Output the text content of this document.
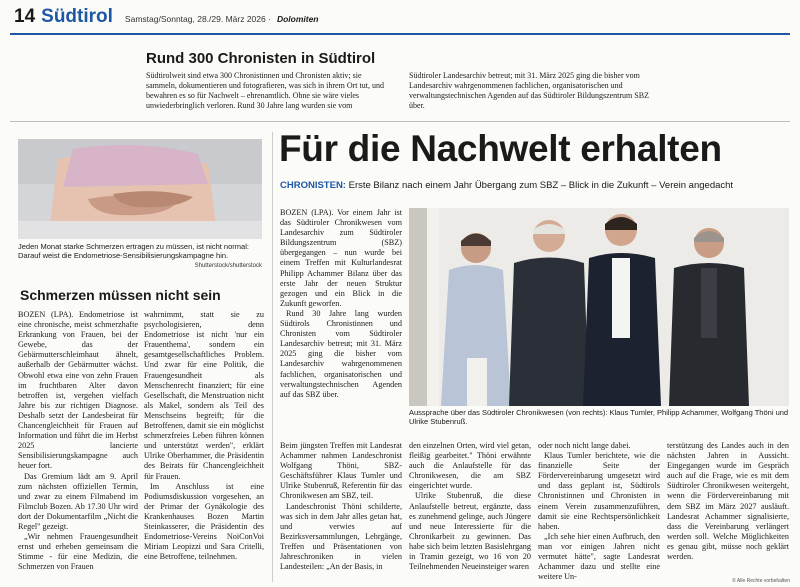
14 Südtirol Samstag/Sonntag, 28./29. März 2026 · Dolomiten
Rund 300 Chronisten in Südtirol
Südtirolweit sind etwa 300 Chronistinnen und Chronisten aktiv; sie sammeln, dokumentieren und fotografieren, was sich in ihrem Ort tut, und bewahren es so für Nachwelt – ehrenamtlich. Ohne sie wäre vieles unwiederbringlich verloren. Rund 30 Jahre lang wurden sie vom
Südtiroler Landesarchiv betreut; mit 31. März 2025 ging die bisher vom Landesarchiv wahrgenommenen fachlichen, organisatorischen und verwaltungstechnischen Agenden auf das Südtiroler Bildungszentrum SBZ über.
Jeden Monat starke Schmerzen ertragen zu müssen, ist nicht normal: Darauf weist die Endometriose-Sensibilisierungskampagne hin.
Shutterstock/shutterstock
Schmerzen müssen nicht sein

BOZEN (LPA). Endometriose ist eine chronische, meist schmerzhafte Erkrankung von Frauen, bei der Gewebe, das der Gebärmutterschleimhaut ähnelt, außerhalb der Gebärmutter wächst. Obwohl etwa eine von zehn Frauen im fruchtbaren Alter davon betroffen ist, vergehen vielfach Jahre bis zur richtigen Diagnose. Deshalb setzt der Landesbeirat für Chancengleichheit für Frauen auf Information und führt die im Herbst 2025 lancierte Sensibilisierungskampagne auch heuer fort.

Das Gremium lädt am 9. April zum nächsten offiziellen Termin, und zwar zu einem Filmabend im Filmclub Bozen. Ab 17.30 Uhr wird dort der Dokumentarfilm „Nicht die Regel" gezeigt.

„Wir nehmen Frauengesundheit ernst und erheben gemeinsam die Stimme - für eine Medizin, die Schmerzen von Frauen

wahrnimmt, statt sie zu psychologisieren, denn Endometriose ist nicht 'nur ein Frauenthema', sondern ein gesamtgesellschaftliches Problem. Und zwar für eine Politik, die Frauengesundheit als Menschenrecht finanziert; für eine Gesellschaft, die Menstruation nicht als Makel, sondern als Teil des Menschseins begreift; für die Betroffenen, damit sie ein möglichst schmerzfreies Leben führen können und unterstützt werden", erklärt Ulrike Oberhammer, die Präsidentin des Beirats für Chancengleichheit für Frauen.

Im Anschluss ist eine Podiumsdiskussion vorgesehen, an der Primar der Gynäkologie des Krankenhauses Bozen Martin Steinkasserer, die Präsidentin des Endometriose-Vereins NoiConVoi Miriam Leopizzi und Sara Critelli, eine Betroffene, teilnehmen.

Für die Nachwelt erhalten
CHRONISTEN: Erste Bilanz nach einem Jahr Übergang zum SBZ – Blick in die Zukunft – Verein angedacht

BOZEN (LPA). Vor einem Jahr ist das Südtiroler Chronikwesen vom Landesarchiv zum Südtiroler Bildungszentrum (SBZ) übergegangen – nun wurde bei einem Treffen mit Kulturlandesrat Philipp Achammer Bilanz über das erste Jahr der neuen Struktur gezogen und ein Blick in die Zukunft geworfen.

Rund 30 Jahre lang wurden Südtirols Chronistinnen und Chronisten vom Südtiroler Landesarchiv betreut; mit 31. März 2025 ging die bisher vom Landesarchiv wahrgenommenen fachlichen, organisatorischen und verwaltungstechnischen Agenden auf das SBZ über.

Aussprache über das Südtiroler Chronikwesen (von rechts): Klaus Tumler, Philipp Achammer, Wolfgang Thöni und Ulrike Stubenruß.

Beim jüngsten Treffen mit Landesrat Achammer nahmen Landeschronist Wolfgang Thöni, SBZ-Geschäftsführer Klaus Tumler und Ulrike Stubenruß, Referentin für das Chronikwesen am SBZ, teil.

Landeschronist Thöni schilderte, was sich in dem Jahr alles getan hat, und verwies auf Bezirksversammlungen, Lehrgänge, Treffen und Präsentationen von Jahreschroniken in vielen Landesteilen: „An der Basis, in

den einzelnen Orten, wird viel getan, fleißig gearbeitet." Thöni erwähnte auch die Anlaufstelle für das Chronikwesen, die am SBZ eingerichtet wurde.

Ulrike Stubenruß, die diese Anlaufstelle betreut, ergänzte, dass es zunehmend gelinge, auch Jüngere und neue Interessierte für die Chronikarbeit zu gewinnen. Das habe sich beim letzten Basislehrgang in Tramin gezeigt, wo 16 von 20 Teilnehmenden Neueinsteiger waren

oder noch nicht lange dabei.

Klaus Tumler berichtete, wie die finanzielle Seite der Fördervereinbarung umgesetzt wird und dass geplant ist, Südtirols Chronistinnen und Chronisten in einem Verein zusammenzuführen, damit sie eine Rechtspersönlichkeit haben.

„Ich sehe hier einen Aufbruch, den man vor einigen Jahren nicht vermutet hätte", sagte Landesrat Achammer dazu und stellte eine weitere Un-

terstützung des Landes auch in den nächsten Jahren in Aussicht. Eingegangen wurde im Gespräch auch auf die Frage, wie es mit dem Südtiroler Chronikwesen weitergeht, wenn die Fördervereinbarung mit dem SBZ im März 2027 ausläuft. Landesrat Achammer signalisierte, dass die Vereinbarung verlängert werden soll. Welche Möglichkeiten es genau gibt, müsse noch geklärt werden.

© Alle Rechte vorbehalten
